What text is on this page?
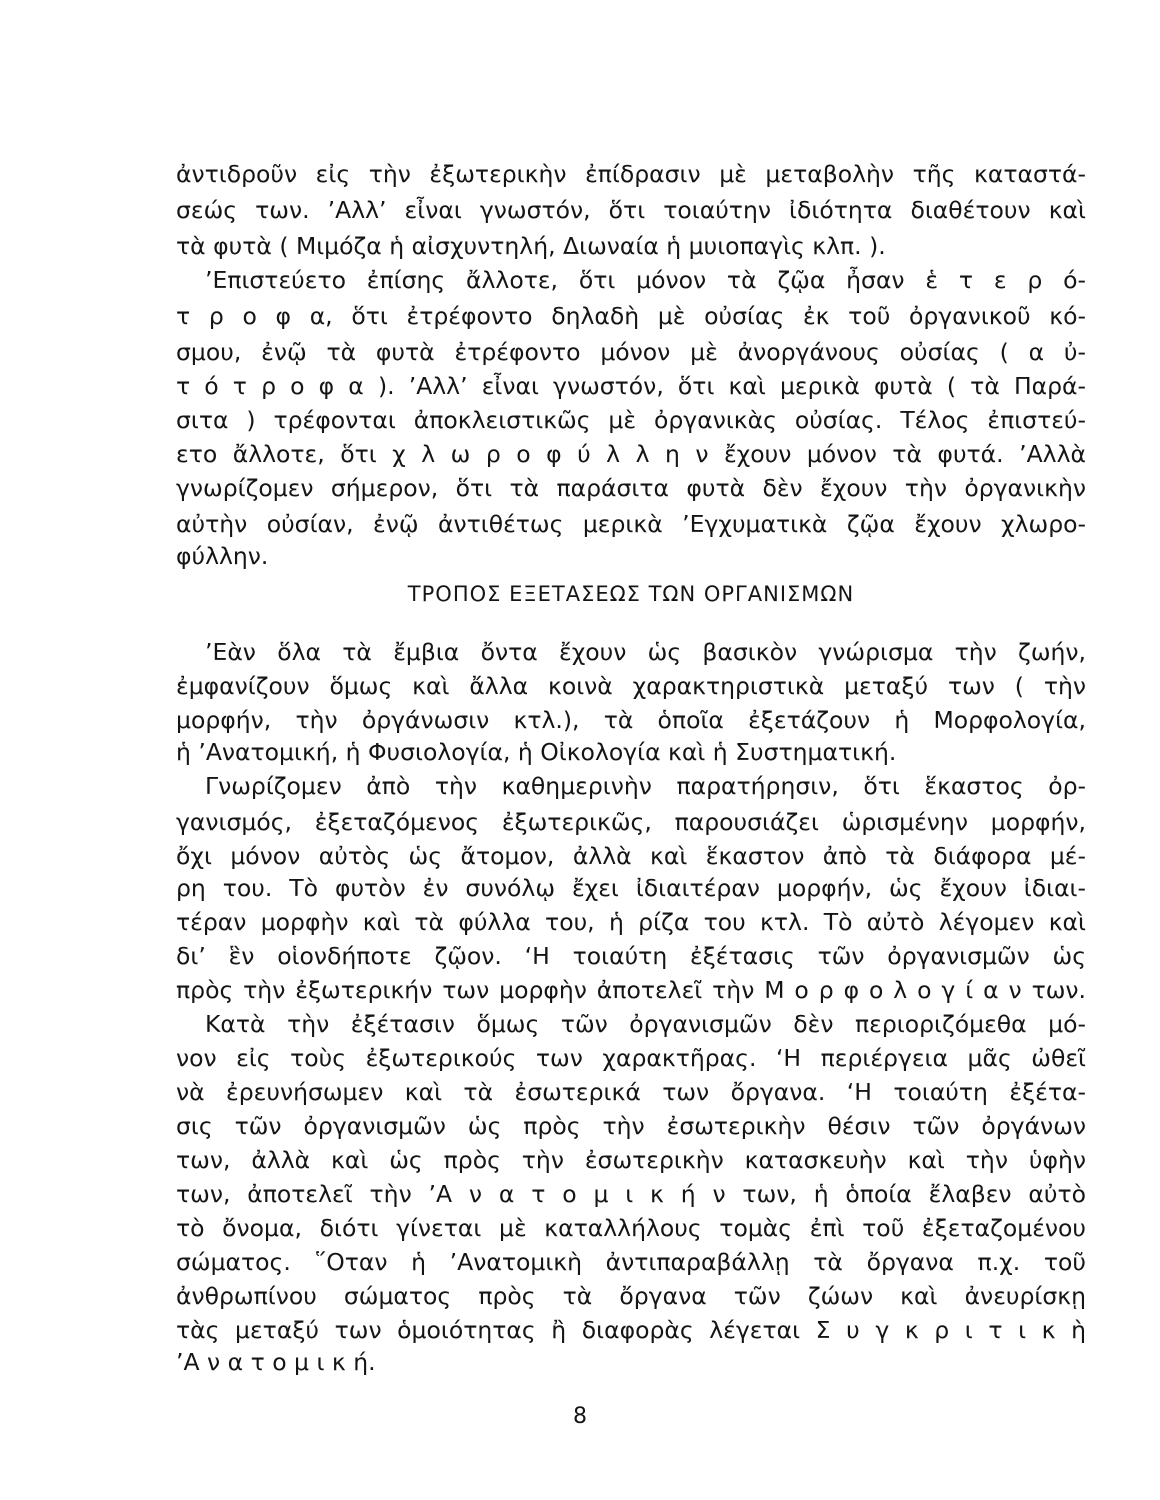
ἀντιδροῦν εἰς τὴν ἐξωτερικὴν ἐπίδρασιν μὲ μεταβολὴν τῆς καταστά-

σεώς των. ’Αλλ’ εἶναι γνωστόν, ὅτι τοιαύτην ἰδιότητα διαθέτουν καὶ

τὰ φυτὰ ( Μιμόζα ἡ αἰσχυντηλή, Διωναία ἡ μυιοπαγὶς κλπ. ).

’Επιστεύετο ἐπίσης ἄλλοτε, ὅτι μόνον τὰ ζῷα ἦσαν ἑ τ ε ρ ό-

τ ρ ο φ α, ὅτι ἐτρέφοντο δηλαδὴ μὲ οὐσίας ἐκ τοῦ ὀργανικοῦ κό-

σμου, ἐνῷ τὰ φυτὰ ἐτρέφοντο μόνον μὲ ἀνοργάνους οὐσίας ( α ὐ-

τ ό τ ρ ο φ α ). ’Αλλ’ εἶναι γνωστόν, ὅτι καὶ μερικὰ φυτὰ ( τὰ Παρά-

σιτα ) τρέφονται ἀποκλειστικῶς μὲ ὀργανικὰς οὐσίας. Τέλος ἐπιστεύ-

ετο ἄλλοτε, ὅτι χ λ ω ρ ο φ ύ λ λ η ν ἔχουν μόνον τὰ φυτά. ’Αλλὰ

γνωρίζομεν σήμερον, ὅτι τὰ παράσιτα φυτὰ δὲν ἔχουν τὴν ὀργανικὴν

αὐτὴν οὐσίαν, ἐνῷ ἀντιθέτως μερικὰ ’Εγχυματικὰ ζῷα ἔχουν χλωρο-

φύλλην.

ΤΡΟΠΟΣ ΕΞΕΤΑΣΕΩΣ ΤΩΝ ΟΡΓΑΝΙΣΜΩΝ

’Εὰν ὅλα τὰ ἔμβια ὄντα ἔχουν ὡς βασικὸν γνώρισμα τὴν ζωήν,

ἐμφανίζουν ὅμως καὶ ἄλλα κοινὰ χαρακτηριστικὰ μεταξύ των ( τὴν

μορφήν, τὴν ὀργάνωσιν κτλ.), τὰ ὁποῖα ἐξετάζουν ἡ Μορφολογία,

ἡ ’Ανατομική, ἡ Φυσιολογία, ἡ Οἰκολογία καὶ ἡ Συστηματική.

Γνωρίζομεν ἀπὸ τὴν καθημερινὴν παρατήρησιν, ὅτι ἕκαστος ὀρ-

γανισμός, ἐξεταζόμενος ἐξωτερικῶς, παρουσιάζει ὡρισμένην μορφήν,

ὄχι μόνον αὐτὸς ὡς ἄτομον, ἀλλὰ καὶ ἕκαστον ἀπὸ τὰ διάφορα μέ-

ρη του. Τὸ φυτὸν ἐν συνόλῳ ἔχει ἰδιαιτέραν μορφήν, ὡς ἔχουν ἰδιαι-

τέραν μορφὴν καὶ τὰ φύλλα του, ἡ ρίζα του κτλ. Τὸ αὐτὸ λέγομεν καὶ

δι’ ἓν οἱονδήποτε ζῷον. ‘Η τοιαύτη ἐξέτασις τῶν ὀργανισμῶν ὡς

πρὸς τὴν ἐξωτερικήν των μορφὴν ἀποτελεῖ τὴν Μ ο ρ φ ο λ ο γ ί α ν των.

Κατὰ τὴν ἐξέτασιν ὅμως τῶν ὀργανισμῶν δὲν περιοριζόμεθα μό-

νον εἰς τοὺς ἐξωτερικούς των χαρακτῆρας. ‘Η περιέργεια μᾶς ὠθεῖ

νὰ ἐρευνήσωμεν καὶ τὰ ἐσωτερικά των ὄργανα. ‘Η τοιαύτη ἐξέτα-

σις τῶν ὀργανισμῶν ὡς πρὸς τὴν ἐσωτερικὴν θέσιν τῶν ὀργάνων

των, ἀλλὰ καὶ ὡς πρὸς τὴν ἐσωτερικὴν κατασκευὴν καὶ τὴν ὑφὴν

των, ἀποτελεῖ τὴν ’Α ν α τ ο μ ι κ ή ν των, ἡ ὁποία ἔλαβεν αὐτὸ

τὸ ὄνομα, διότι γίνεται μὲ καταλλήλους τομὰς ἐπὶ τοῦ ἐξεταζομένου

σώματος. ῞Οταν ἡ ’Ανατομικὴ ἀντιπαραβάλλῃ τὰ ὄργανα π.χ. τοῦ

ἀνθρωπίνου σώματος πρὸς τὰ ὄργανα τῶν ζώων καὶ ἀνευρίσκῃ

τὰς μεταξύ των ὁμοιότητας ἢ διαφορὰς λέγεται Σ υ γ κ ρ ι τ ι κ ὴ

’Α ν α τ ο μ ι κ ή.

8
